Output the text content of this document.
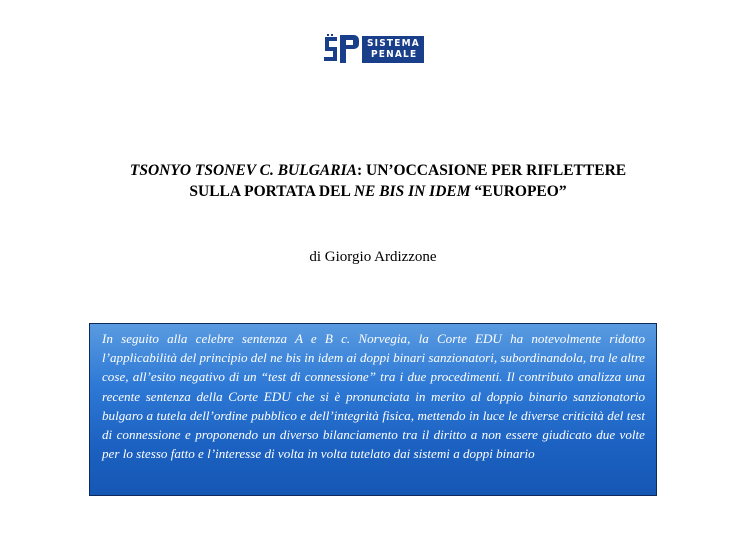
SISTEMA
PENALE
TSONYO TSONEV C. BULGARIA: UN’OCCASIONE PER RIFLETTERE
SULLA PORTATA DEL NE BIS IN IDEM “EUROPEO”
di Giorgio Ardizzone

In seguito alla celebre sentenza A e B c. Norvegia, la Corte EDU ha notevolmente ridotto l’applicabilità del principio del ne bis in idem ai doppi binari sanzionatori, subordinandola, tra le altre cose, all’esito negativo di un “test di connessione” tra i due procedimenti. Il contributo analizza una recente sentenza della Corte EDU che si è pronunciata in merito al doppio binario sanzionatorio bulgaro a tutela dell’ordine pubblico e dell’integrità fisica, mettendo in luce le diverse criticità del test di connessione e proponendo un diverso bilanciamento tra il diritto a non essere giudicato due volte per lo stesso fatto e l’interesse di volta in volta tutelato dai sistemi a doppi binario
